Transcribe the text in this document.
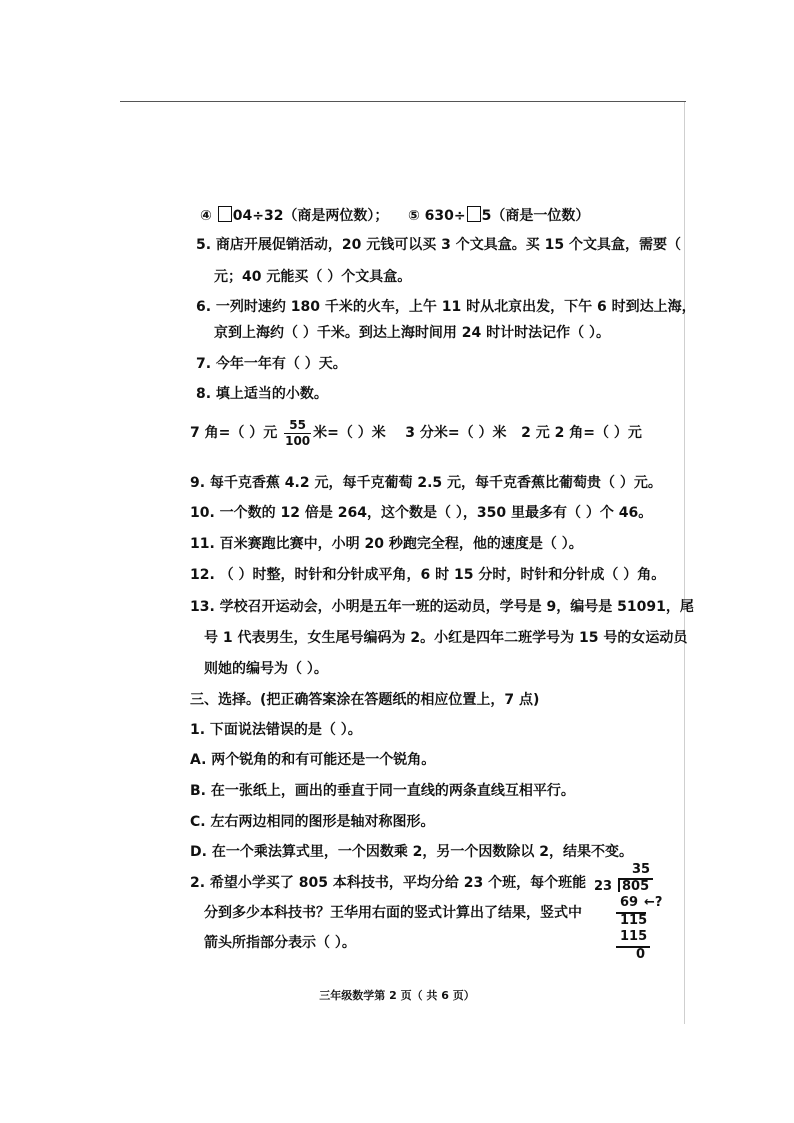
④ 04÷32（商是两位数）； ⑤ 630÷ 5（商是一位数）
5. 商店开展促销活动，20 元钱可以买 3 个文具盒。买 15 个文具盒，需要（
元；40 元能买（ ）个文具盒。
6. 一列时速约 180 千米的火车，上午 11 时从北京出发，下午 6 时到达上海，
京到上海约（ ）千米。到达上海时间用 24 时计时法记作（ ）。
7. 今年一年有（ ）天。
8. 填上适当的小数。
7 角=（ ）元 $\frac{55}{100}$ 米=（ ）米 3 分米=（ ）米 2 元 2 角=（ ）元
9. 每千克香蕉 4.2 元，每千克葡萄 2.5 元，每千克香蕉比葡萄贵（ ）元。
10. 一个数的 12 倍是 264，这个数是（ ），350 里最多有（ ）个 46。
11. 百米赛跑比赛中，小明 20 秒跑完全程，他的速度是（ ）。
12. （ ）时整，时针和分针成平角，6 时 15 分时，时针和分针成（ ）角。
13. 学校召开运动会，小明是五年一班的运动员，学号是 9，编号是 51091，尾
号 1 代表男生，女生尾号编码为 2。小红是四年二班学号为 15 号的女运动员
则她的编号为（ ）。
三、选择。(把正确答案涂在答题纸的相应位置上，7 点)
1. 下面说法错误的是（ ）。
A. 两个锐角的和有可能还是一个锐角。
B. 在一张纸上，画出的垂直于同一直线的两条直线互相平行。
C. 左右两边相同的图形是轴对称图形。
D. 在一个乘法算式里，一个因数乘 2，另一个因数除以 2，结果不变。
2. 希望小学买了 805 本科技书，平均分给 23 个班，每个班能
分到多少本科技书？王华用右面的竖式计算出了结果，竖式中
箭头所指部分表示（ ）。
35
23 805
69 ←?
115
115
0
三年级数学第 2 页（ 共 6 页）
